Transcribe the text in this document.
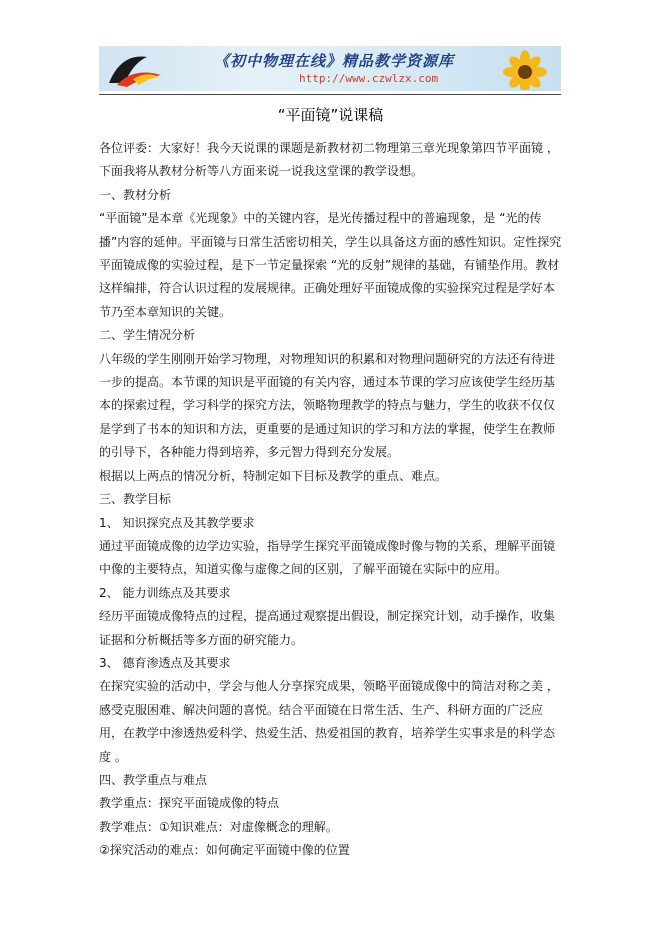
《初中物理在线》精品教学资源库
http://www.czwlzx.com
“平面镜”说课稿

各位评委：大家好！我今天说课的课题是新教材初二物理第三章光现象第四节平面镜 ，下面我将从教材分析等八方面来说一说我这堂课的教学设想。

一、教材分析

“平面镜”是本章《光现象》中的关键内容，是光传播过程中的普遍现象，是 “光的传播”内容的延伸。平面镜与日常生活密切相关，学生以具备这方面的感性知识。定性探究平面镜成像的实验过程，是下一节定量探索 “光的反射”规律的基础，有铺垫作用。教材这样编排，符合认识过程的发展规律。正确处理好平面镜成像的实验探究过程是学好本节乃至本章知识的关键。

二、学生情况分析

八年级的学生刚刚开始学习物理，对物理知识的积累和对物理问题研究的方法还有待进一步的提高。本节课的知识是平面镜的有关内容，通过本节课的学习应该使学生经历基本的探索过程，学习科学的探究方法，领略物理教学的特点与魅力，学生的收获不仅仅是学到了书本的知识和方法，更重要的是通过知识的学习和方法的掌握，使学生在教师的引导下，各种能力得到培养，多元智力得到充分发展。

根据以上两点的情况分析，特制定如下目标及教学的重点、难点。

三、教学目标

1、 知识探究点及其教学要求

通过平面镜成像的边学边实验，指导学生探究平面镜成像时像与物的关系，理解平面镜中像的主要特点，知道实像与虚像之间的区别，了解平面镜在实际中的应用。

2、 能力训练点及其要求

经历平面镜成像特点的过程，提高通过观察提出假设，制定探究计划，动手操作，收集证据和分析概括等多方面的研究能力。

3、 德育渗透点及其要求

在探究实验的活动中，学会与他人分享探究成果，领略平面镜成像中的简洁对称之美 ，感受克服困难、解决问题的喜悦。结合平面镜在日常生活、生产、科研方面的广泛应用，在教学中渗透热爱科学、热爱生活、热爱祖国的教育，培养学生实事求是的科学态度 。

四、教学重点与难点

教学重点：探究平面镜成像的特点

教学难点：①知识难点：对虚像概念的理解。

②探究活动的难点：如何确定平面镜中像的位置
